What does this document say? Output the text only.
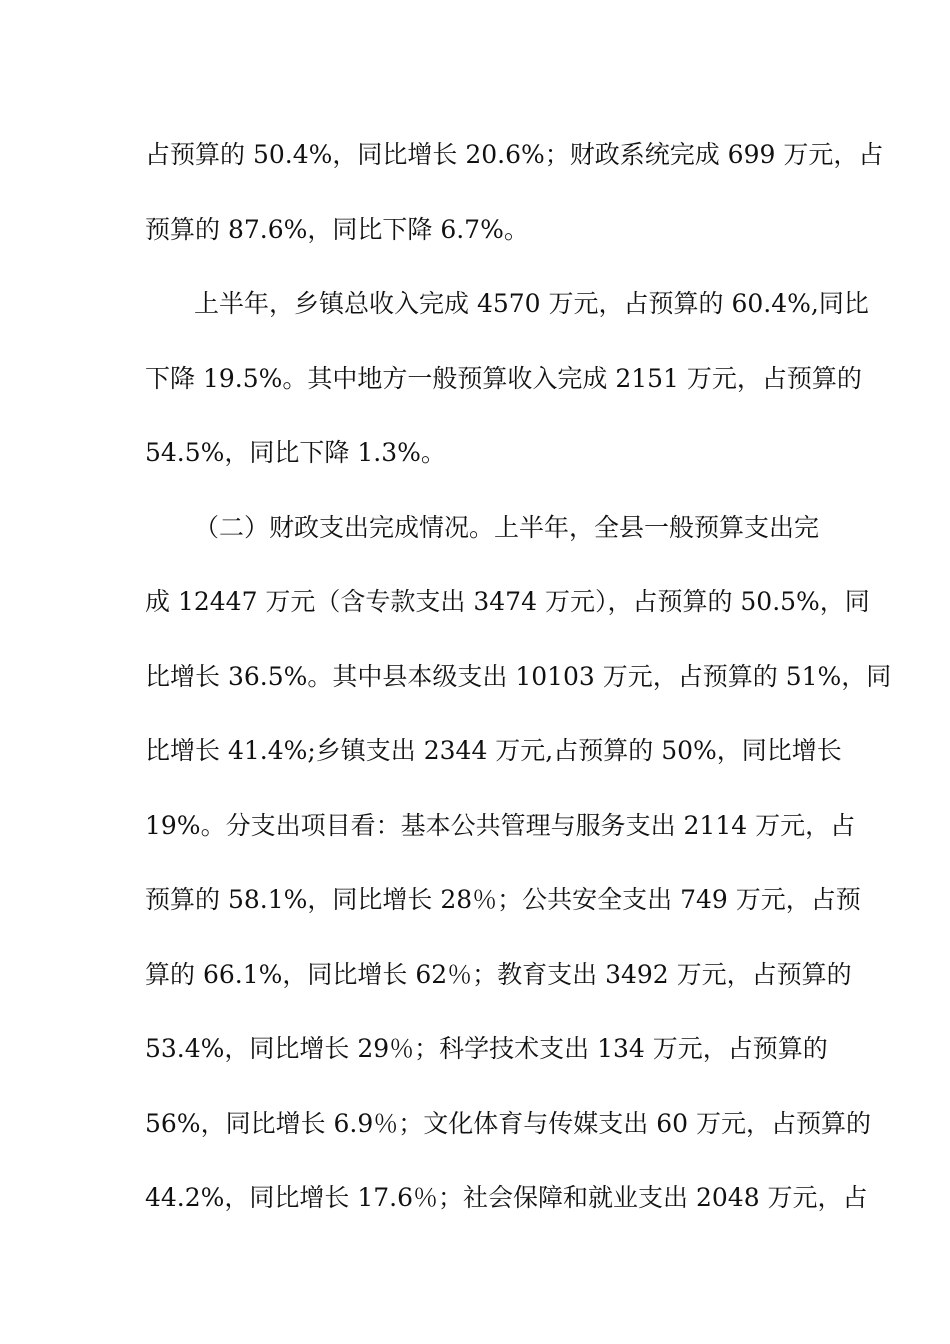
占预算的 50.4%，同比增长 20.6%；财政系统完成 699 万元，占
预算的 87.6%，同比下降 6.7%。
上半年，乡镇总收入完成 4570 万元，占预算的 60.4%,同比
下降 19.5%。其中地方一般预算收入完成 2151 万元，占预算的
54.5%，同比下降 1.3%。
（二）财政支出完成情况。上半年，全县一般预算支出完
成 12447 万元（含专款支出 3474 万元），占预算的 50.5%，同
比增长 36.5%。其中县本级支出 10103 万元，占预算的 51%，同
比增长 41.4%;乡镇支出 2344 万元,占预算的 50%，同比增长
19%。分支出项目看：基本公共管理与服务支出 2114 万元，占
预算的 58.1%，同比增长 28％；公共安全支出 749 万元，占预
算的 66.1%，同比增长 62％；教育支出 3492 万元，占预算的
53.4%，同比增长 29％；科学技术支出 134 万元，占预算的
56%，同比增长 6.9％；文化体育与传媒支出 60 万元，占预算的
44.2%，同比增长 17.6％；社会保障和就业支出 2048 万元，占
